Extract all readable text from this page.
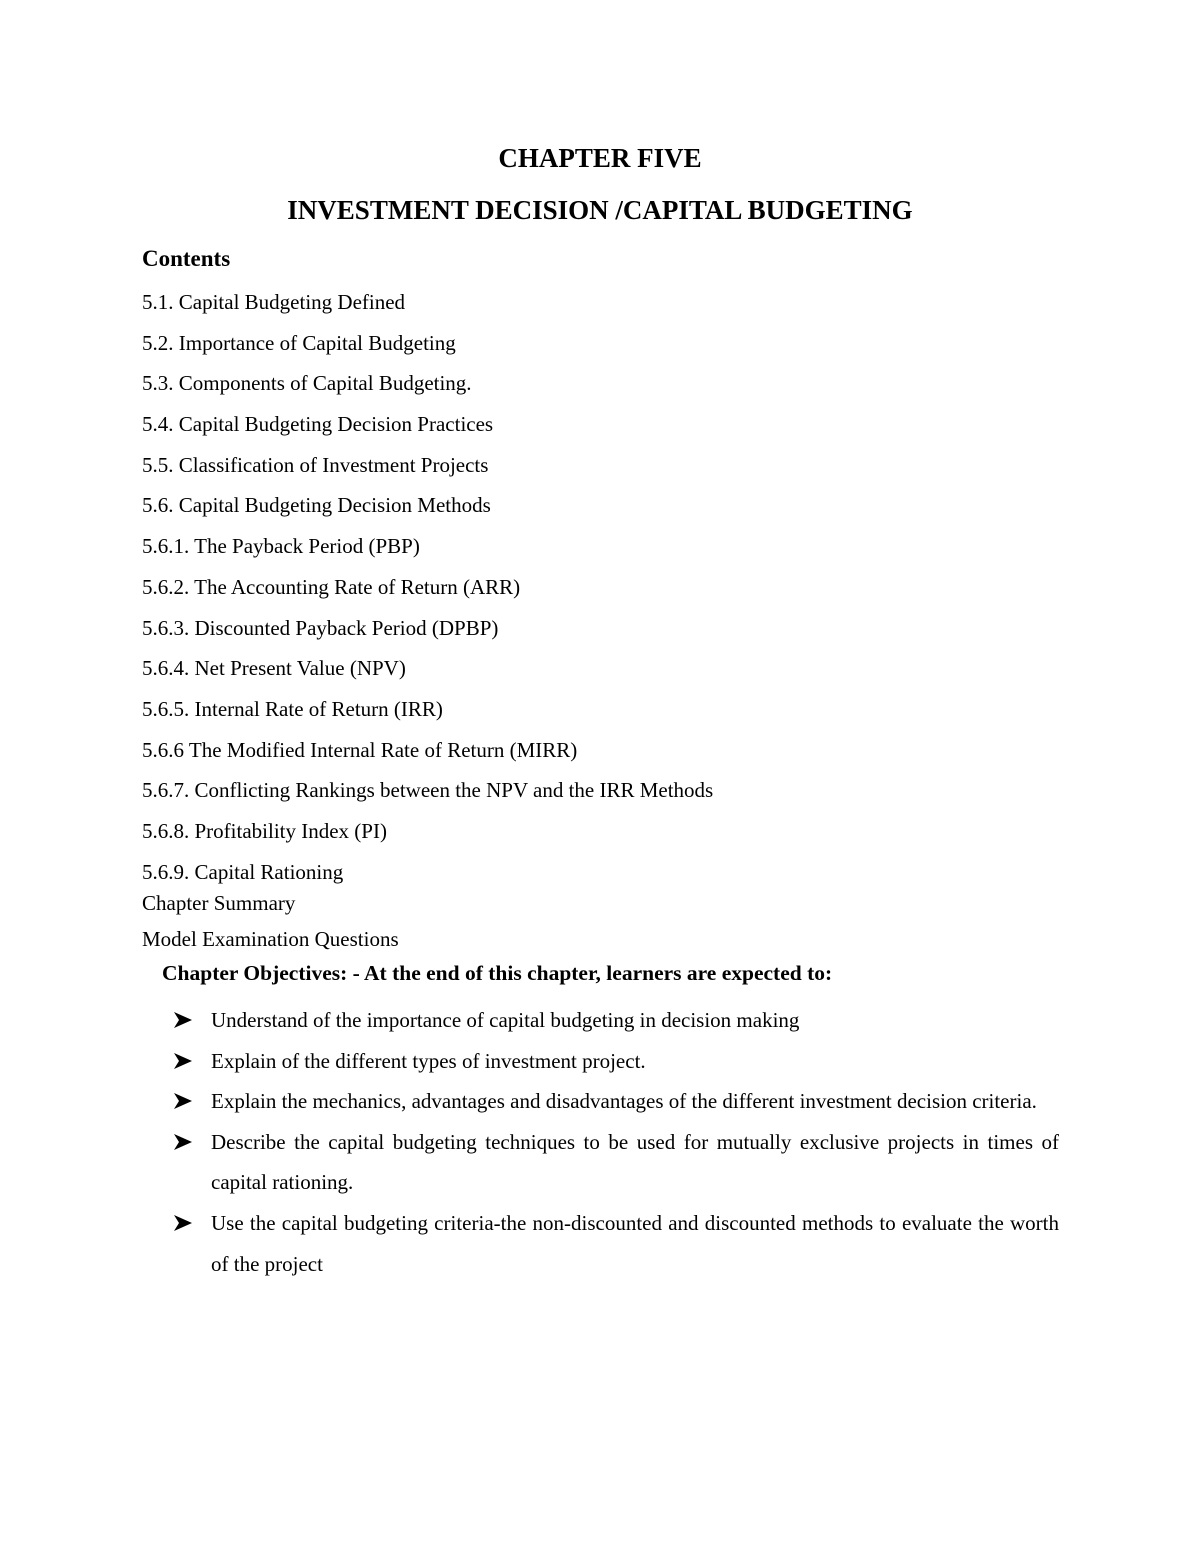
CHAPTER FIVE
INVESTMENT DECISION /CAPITAL BUDGETING
Contents
5.1. Capital Budgeting Defined
5.2. Importance of Capital Budgeting
5.3. Components of Capital Budgeting.
5.4. Capital Budgeting Decision Practices
5.5. Classification of Investment Projects
5.6. Capital Budgeting Decision Methods
5.6.1. The Payback Period (PBP)
5.6.2. The Accounting Rate of Return (ARR)
5.6.3. Discounted Payback Period (DPBP)
5.6.4. Net Present Value (NPV)
5.6.5. Internal Rate of Return (IRR)
5.6.6 The Modified Internal Rate of Return (MIRR)
5.6.7. Conflicting Rankings between the NPV and the IRR Methods
5.6.8. Profitability Index (PI)
5.6.9. Capital Rationing
Chapter Summary
Model Examination Questions
Chapter Objectives: - At the end of this chapter, learners are expected to:
Understand of the importance of capital budgeting in decision making
Explain of the different types of investment project.
Explain the mechanics, advantages and disadvantages of the different investment decision criteria.
Describe the capital budgeting techniques to be used for mutually exclusive projects in times of capital rationing.
Use the capital budgeting criteria-the non-discounted and discounted methods to evaluate the worth of the project
